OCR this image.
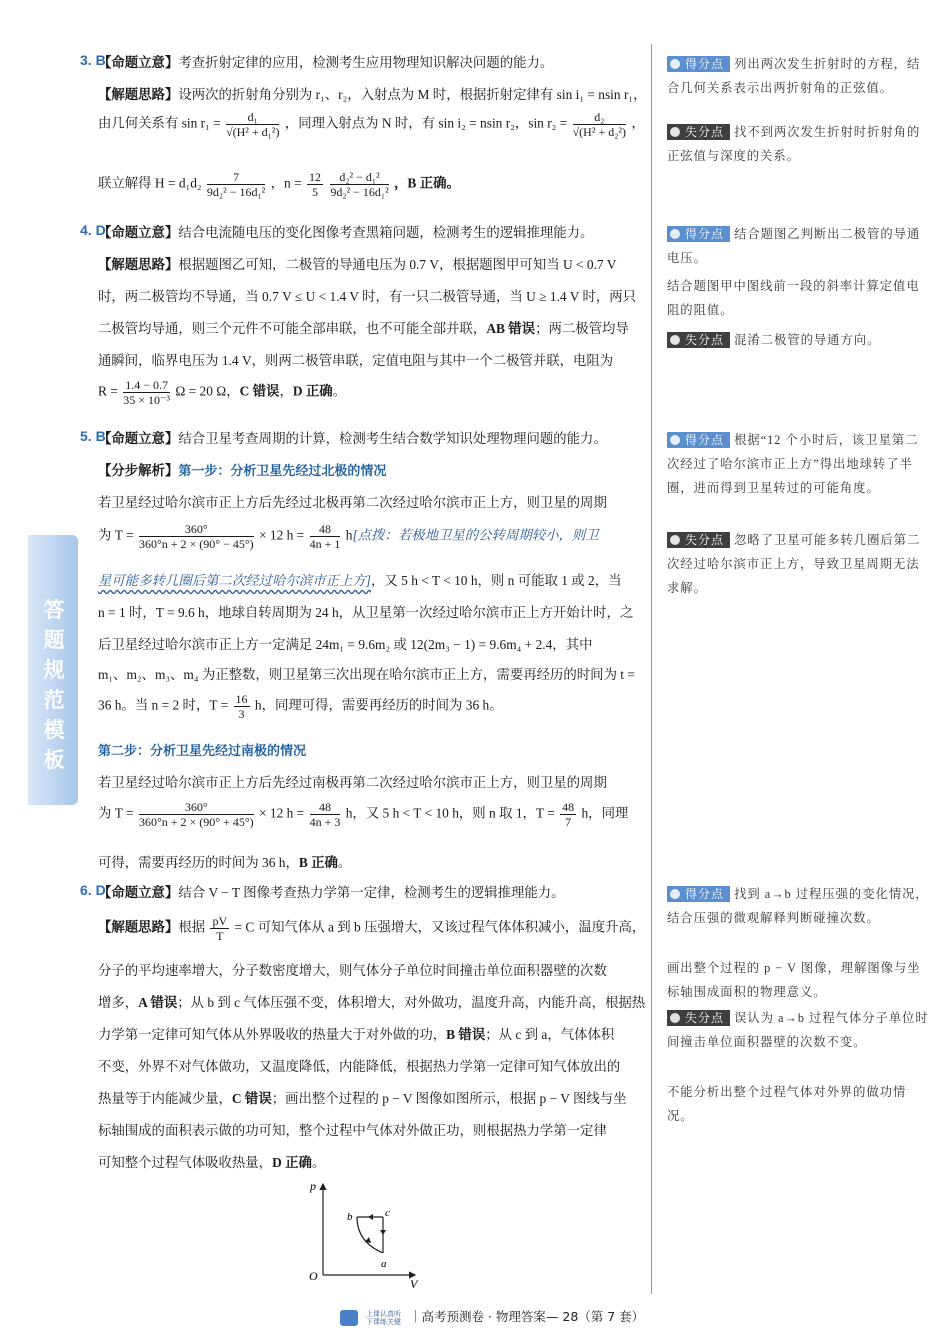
答题规范模板
3. B
【命题立意】考查折射定律的应用，检测考生应用物理知识解决问题的能力。
【解题思路】设两次的折射角分别为 r₁、r₂，入射点为 M 时，根据折射定律有 sin i₁ = nsin r₁，
由几何关系有 $\sin r_1 = \frac{\text{d₁}}{\text{√(H² + d₁²)}}$ ，同理入射点为 N 时，有 sin i₂ = nsin r₂，$\sin r_2 = \frac{\text{d₂}}{\text{√(H² + d₂²)}}$ ，
联立解得 $H = d_1d_2 \frac{7}{\text{9d₂² − 16d₁²}}$ ，$n = \frac{12}{5}$
$\frac{\text{d₂² − d₁²}}{\text{9d₂² − 16d₁²}}$ ，B 正确。
4. D
【命题立意】结合电流随电压的变化图像考查黑箱问题，检测考生的逻辑推理能力。
【解题思路】根据题图乙可知，二极管的导通电压为 0.7 V，根据题图甲可知当 U < 0.7 V
时，两二极管均不导通，当 0.7 V ≤ U < 1.4 V 时，有一只二极管导通，当 U ≥ 1.4 V 时，两只
二极管均导通，则三个元件不可能全部串联，也不可能全部并联，AB 错误；两二极管均导
通瞬间，临界电压为 1.4 V，则两二极管串联，定值电阻与其中一个二极管并联，电阻为
$R = \frac{1.4 - 0.7}{\text{35 × 10⁻³}}$ Ω = 20 Ω，C 错误，D 正确。
5. B
【命题立意】结合卫星考查周期的计算，检测考生结合数学知识处理物理问题的能力。
【分步解析】第一步：分析卫星先经过北极的情况
若卫星经过哈尔滨市正上方后先经过北极再第二次经过哈尔滨市正上方，则卫星的周期
为 $T = \frac{360^\circ}{360^\circ n + 2 \times (90^\circ - 45^\circ)} \times 12$ $h = \frac{48}{4n + 1} h$[点拨：若极地卫星的公转周期较小，则卫
星可能多转几圈后第二次经过哈尔滨市正上方]，又 5 h < T < 10 h，则 n 可能取 1 或 2，当
n = 1 时，T = 9.6 h，地球自转周期为 24 h，从卫星第一次经过哈尔滨市正上方开始计时，之
后卫星经过哈尔滨市正上方一定满足 24m₁ = 9.6m₂ 或 12(2m₃ − 1) = 9.6m₄ + 2.4，其中
m₁、m₂、m₃、m₄ 为正整数，则卫星第三次出现在哈尔滨市正上方，需要再经历的时间为 t =
36 h。当 n = 2 时，$T = \frac{16}{3}$ h，同理可得，需要再经历的时间为 36 h。
第二步：分析卫星先经过南极的情况
若卫星经过哈尔滨市正上方后先经过南极再第二次经过哈尔滨市正上方，则卫星的周期
为 $T = \frac{360^\circ}{360^\circ n + 2 \times (90^\circ + 45^\circ)} \times 12$ $h = \frac{48}{4n + 3}$ h，又 5 h < T < 10 h，则 n 取 1，$T = \frac{48}{7}$ h，同理
可得，需要再经历的时间为 36 h，B 正确。
6. D
【命题立意】结合 V − T 图像考查热力学第一定律，检测考生的逻辑推理能力。
【解题思路】根据 $\frac{pV}{T} = C$ 可知气体从 a 到 b 压强增大，又该过程气体体积减小，温度升高，
分子的平均速率增大，分子数密度增大，则气体分子单位时间撞击单位面积器壁的次数
增多，A 错误；从 b 到 c 气体压强不变，体积增大，对外做功，温度升高，内能升高，根据热
力学第一定律可知气体从外界吸收的热量大于对外做的功，B 错误；从 c 到 a，气体体积
不变，外界不对气体做功，又温度降低，内能降低，根据热力学第一定律可知气体放出的
热量等于内能减少量，C 错误；画出整个过程的 p − V 图像如图所示，根据 p − V 图线与坐
标轴围成的面积表示做的功可知，整个过程中气体对外做正功，则根据热力学第一定律
可知整个过程气体吸收热量，D 正确。
p
V
O
a
b	c
得分点 列出两次发生折射时的方程，结合几何关系表示出两折射角的正弦值。
失分点 找不到两次发生折射时折射角的正弦值与深度的关系。
得分点 结合题图乙判断出二极管的导通电压。
结合题图甲中图线前一段的斜率计算定值电阻的阻值。
失分点 混淆二极管的导通方向。
得分点 根据“12 个小时后，该卫星第二次经过了哈尔滨市正上方”得出地球转了半圈，进而得到卫星转过的可能角度。
失分点 忽略了卫星可能多转几圈后第二次经过哈尔滨市正上方，导致卫星周期无法求解。
得分点 找到 a→b 过程压强的变化情况，结合压强的微观解释判断碰撞次数。
画出整个过程的 p − V 图像，理解图像与坐标轴围成面积的物理意义。
失分点 误认为 a→b 过程气体分子单位时间撞击单位面积器壁的次数不变。
不能分析出整个过程气体对外界的做功情况。
上课认真听
下课练关键 ｜高考预测卷 · 物理答案— 28（第 7 套）
